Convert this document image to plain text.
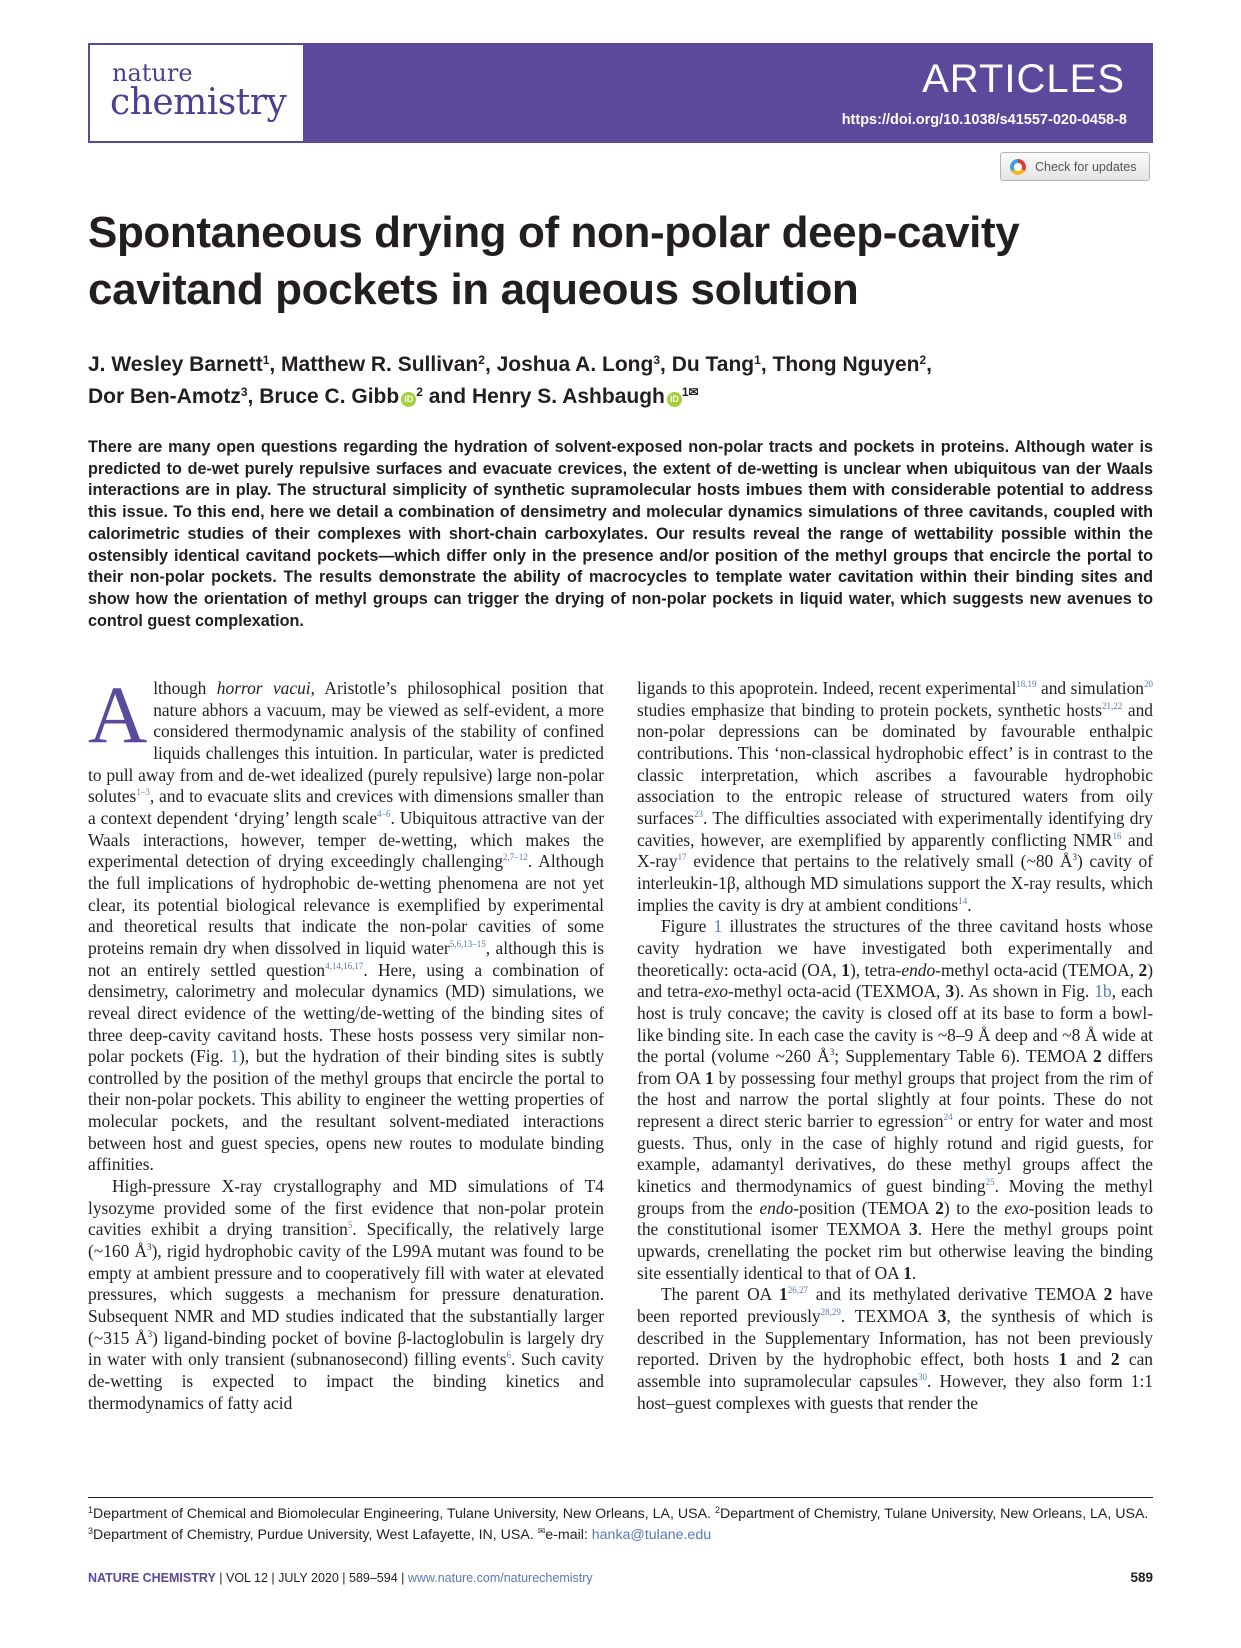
nature
chemistry
ARTICLES
https://doi.org/10.1038/s41557-020-0458-8
Check for updates
Spontaneous drying of non-polar deep-cavity cavitand pockets in aqueous solution
J. Wesley Barnett$^1$, Matthew R. Sullivan$^2$, Joshua A. Long$^3$, Du Tang$^1$, Thong Nguyen$^2$,
Dor Ben-Amotz$^3$, Bruce C. Gibb iD $^2$ and Henry S. Ashbaugh iD $^{1✉}$
There are many open questions regarding the hydration of solvent-exposed non-polar tracts and pockets in proteins. Although water is predicted to de-wet purely repulsive surfaces and evacuate crevices, the extent of de-wetting is unclear when ubiquitous van der Waals interactions are in play. The structural simplicity of synthetic supramolecular hosts imbues them with considerable potential to address this issue. To this end, here we detail a combination of densimetry and molecular dynamics simulations of three cavitands, coupled with calorimetric studies of their complexes with short-chain carboxylates. Our results reveal the range of wettability possible within the ostensibly identical cavitand pockets—which differ only in the presence and/or position of the methyl groups that encircle the portal to their non-polar pockets. The results demonstrate the ability of macrocycles to template water cavitation within their binding sites and show how the orientation of methyl groups can trigger the drying of non-polar pockets in liquid water, which suggests new avenues to control guest complexation.

Although horror vacui, Aristotle’s philosophical position that nature abhors a vacuum, may be viewed as self-evident, a more considered thermodynamic analysis of the stability of confined liquids challenges this intuition. In particular, water is predicted to pull away from and de-wet idealized (purely repulsive) large non-polar solutes$^{1-3}$, and to evacuate slits and crevices with dimensions smaller than a context dependent ‘drying’ length scale$^{4-6}$. Ubiquitous attractive van der Waals interactions, however, temper de-wetting, which makes the experimental detection of drying exceedingly challenging$^{2,7-12}$. Although the full implications of hydrophobic de-wetting phenomena are not yet clear, its potential biological relevance is exemplified by experimental and theoretical results that indicate the non-polar cavities of some proteins remain dry when dissolved in liquid water$^{5,6,13-15}$, although this is not an entirely settled question$^{4,14,16,17}$. Here, using a combination of densimetry, calorimetry and molecular dynamics (MD) simulations, we reveal direct evidence of the wetting/de-wetting of the binding sites of three deep-cavity cavitand hosts. These hosts possess very similar non-polar pockets (Fig. 1), but the hydration of their binding sites is subtly controlled by the position of the methyl groups that encircle the portal to their non-polar pockets. This ability to engineer the wetting properties of molecular pockets, and the resultant solvent-mediated interactions between host and guest species, opens new routes to modulate binding affinities.

High-pressure X-ray crystallography and MD simulations of T4 lysozyme provided some of the first evidence that non-polar protein cavities exhibit a drying transition$^5$. Specifically, the relatively large (~160 $Å^3$), rigid hydrophobic cavity of the L99A mutant was found to be empty at ambient pressure and to cooperatively fill with water at elevated pressures, which suggests a mechanism for pressure denaturation. Subsequent NMR and MD studies indicated that the substantially larger (~315 $Å^3$) ligand-binding pocket of bovine β-lactoglobulin is largely dry in water with only transient (subnanosecond) filling events$^6$. Such cavity de-wetting is expected to impact the binding kinetics and thermodynamics of fatty acid

ligands to this apoprotein. Indeed, recent experimental$^{18,19}$ and simulation$^{20}$ studies emphasize that binding to protein pockets, synthetic hosts$^{21,22}$ and non-polar depressions can be dominated by favourable enthalpic contributions. This ‘non-classical hydrophobic effect’ is in contrast to the classic interpretation, which ascribes a favourable hydrophobic association to the entropic release of structured waters from oily surfaces$^{23}$. The difficulties associated with experimentally identifying dry cavities, however, are exemplified by apparently conflicting NMR$^{16}$ and X-ray$^{17}$ evidence that pertains to the relatively small (~80 $Å^3$) cavity of interleukin-1β, although MD simulations support the X-ray results, which implies the cavity is dry at ambient conditions$^{14}$.

Figure 1 illustrates the structures of the three cavitand hosts whose cavity hydration we have investigated both experimentally and theoretically: octa-acid (OA, 1), tetra-endo-methyl octa-acid (TEMOA, 2) and tetra-exo-methyl octa-acid (TEXMOA, 3). As shown in Fig. 1b, each host is truly concave; the cavity is closed off at its base to form a bowl-like binding site. In each case the cavity is ~8–9 Å deep and ~8 Å wide at the portal (volume ~260 $Å^3$; Supplementary Table 6). TEMOA 2 differs from OA 1 by possessing four methyl groups that project from the rim of the host and narrow the portal slightly at four points. These do not represent a direct steric barrier to egression$^{24}$ or entry for water and most guests. Thus, only in the case of highly rotund and rigid guests, for example, adamantyl derivatives, do these methyl groups affect the kinetics and thermodynamics of guest binding$^{25}$. Moving the methyl groups from the endo-position (TEMOA 2) to the exo-position leads to the constitutional isomer TEXMOA 3. Here the methyl groups point upwards, crenellating the pocket rim but otherwise leaving the binding site essentially identical to that of OA 1.

The parent OA 1$^{26,27}$ and its methylated derivative TEMOA 2 have been reported previously$^{28,29}$. TEXMOA 3, the synthesis of which is described in the Supplementary Information, has not been previously reported. Driven by the hydrophobic effect, both hosts 1 and 2 can assemble into supramolecular capsules$^{30}$. However, they also form 1:1 host–guest complexes with guests that render the

$^1$Department of Chemical and Biomolecular Engineering, Tulane University, New Orleans, LA, USA. $^2$Department of Chemistry, Tulane University, New Orleans, LA, USA. $^3$Department of Chemistry, Purdue University, West Lafayette, IN, USA. ✉e-mail: hanka@tulane.edu
NATURE CHEMISTRY | VOL 12 | JULY 2020 | 589–594 | www.nature.com/naturechemistry	589
